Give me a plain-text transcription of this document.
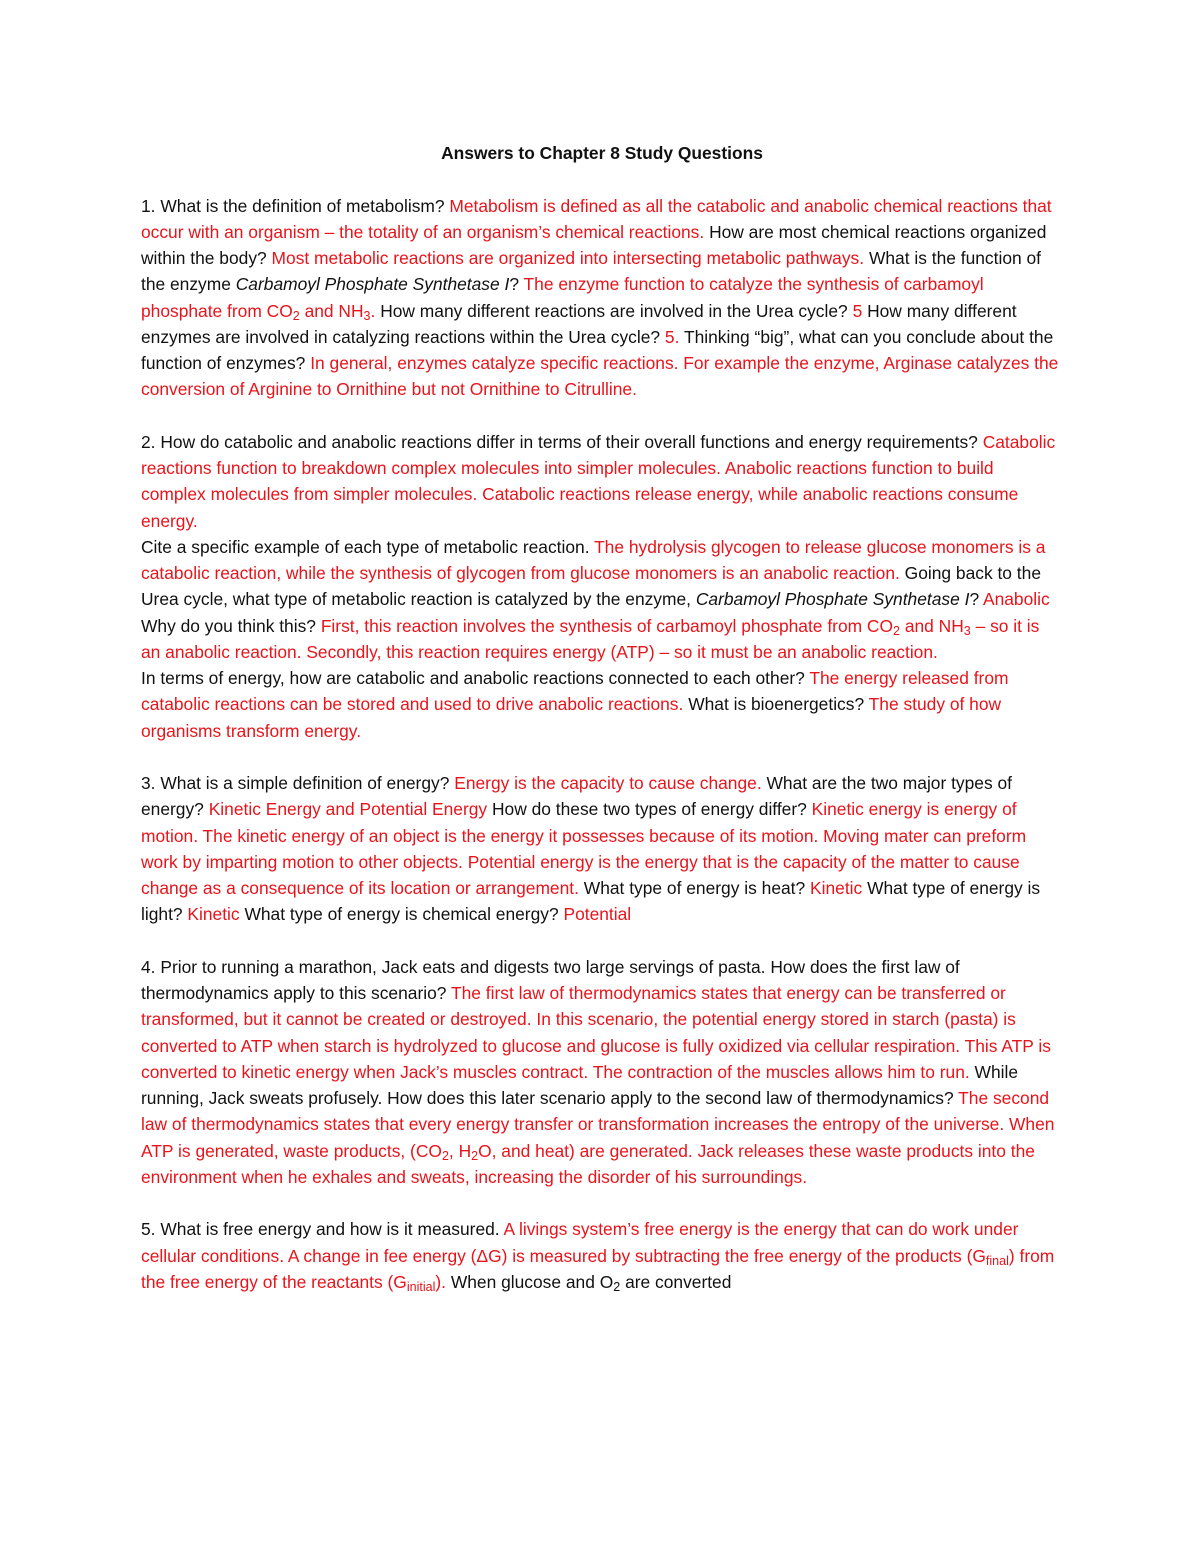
Answers to Chapter 8 Study Questions

1. What is the definition of metabolism? Metabolism is defined as all the catabolic and anabolic chemical reactions that occur with an organism – the totality of an organism’s chemical reactions. How are most chemical reactions organized within the body? Most metabolic reactions are organized into intersecting metabolic pathways. What is the function of the enzyme Carbamoyl Phosphate Synthetase I? The enzyme function to catalyze the synthesis of carbamoyl phosphate from $CO_2$ and $NH_3$. How many different reactions are involved in the Urea cycle? 5 How many different enzymes are involved in catalyzing reactions within the Urea cycle? 5. Thinking “big”, what can you conclude about the function of enzymes? In general, enzymes catalyze specific reactions. For example the enzyme, Arginase catalyzes the conversion of Arginine to Ornithine but not Ornithine to Citrulline.

2. How do catabolic and anabolic reactions differ in terms of their overall functions and energy requirements? Catabolic reactions function to breakdown complex molecules into simpler molecules. Anabolic reactions function to build complex molecules from simpler molecules. Catabolic reactions release energy, while anabolic reactions consume energy.

Cite a specific example of each type of metabolic reaction. The hydrolysis glycogen to release glucose monomers is a catabolic reaction, while the synthesis of glycogen from glucose monomers is an anabolic reaction. Going back to the Urea cycle, what type of metabolic reaction is catalyzed by the enzyme, Carbamoyl Phosphate Synthetase I? Anabolic Why do you think this? First, this reaction involves the synthesis of carbamoyl phosphate from $CO_2$ and $NH_3$ – so it is an anabolic reaction. Secondly, this reaction requires energy (ATP) – so it must be an anabolic reaction.

In terms of energy, how are catabolic and anabolic reactions connected to each other? The energy released from catabolic reactions can be stored and used to drive anabolic reactions. What is bioenergetics? The study of how organisms transform energy.

3. What is a simple definition of energy? Energy is the capacity to cause change. What are the two major types of energy? Kinetic Energy and Potential Energy How do these two types of energy differ? Kinetic energy is energy of motion. The kinetic energy of an object is the energy it possesses because of its motion. Moving mater can preform work by imparting motion to other objects. Potential energy is the energy that is the capacity of the matter to cause change as a consequence of its location or arrangement. What type of energy is heat? Kinetic What type of energy is light? Kinetic What type of energy is chemical energy? Potential

4. Prior to running a marathon, Jack eats and digests two large servings of pasta. How does the first law of thermodynamics apply to this scenario? The first law of thermodynamics states that energy can be transferred or transformed, but it cannot be created or destroyed. In this scenario, the potential energy stored in starch (pasta) is converted to ATP when starch is hydrolyzed to glucose and glucose is fully oxidized via cellular respiration. This ATP is converted to kinetic energy when Jack’s muscles contract. The contraction of the muscles allows him to run. While running, Jack sweats profusely. How does this later scenario apply to the second law of thermodynamics? The second law of thermodynamics states that every energy transfer or transformation increases the entropy of the universe. When ATP is generated, waste products, ($CO_2$, $H_2O$, and heat) are generated. Jack releases these waste products into the environment when he exhales and sweats, increasing the disorder of his surroundings.

5. What is free energy and how is it measured. A livings system’s free energy is the energy that can do work under cellular conditions. A change in fee energy (ΔG) is measured by subtracting the free energy of the products $(G_{final})$ from the free energy of the reactants $(G_{initial})$. When glucose and $O_2$ are converted
